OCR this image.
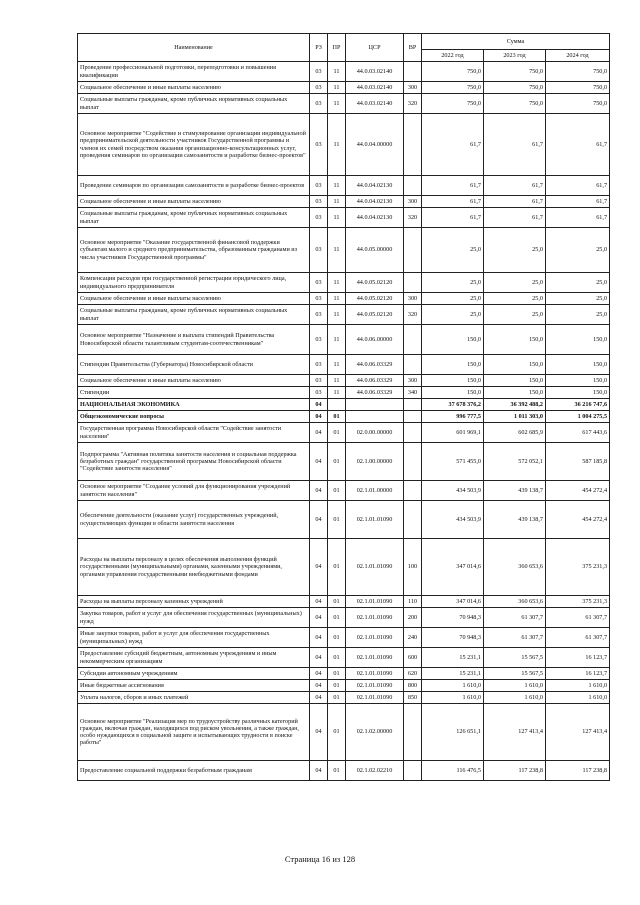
Наименование	РЗ	ПР	ЦСР	ВР	Сумма		
					2022 год	2023 год	2024 год
Проведение профессиональной подготовки, переподготовки и повышения квалификации	03	11	44.0.03.02140		750,0	750,0	750,0
Социальное обеспечение и иные выплаты населению	03	11	44.0.03.02140	300	750,0	750,0	750,0
Социальные выплаты гражданам, кроме публичных нормативных социальных выплат	03	11	44.0.03.02140	320	750,0	750,0	750,0
Основное мероприятие "Содействие и стимулирование организации индивидуальной предпринимательской деятельности участников Государственной программы и членов их семей посредством оказания организационно-консультационных услуг, проведения семинаров по организации самозанятости и разработке бизнес-проектов"	03	11	44.0.04.00000		61,7	61,7	61,7
Проведение семинаров по организации самозанятости и разработке бизнес-проектов	03	11	44.0.04.02130		61,7	61,7	61,7
Социальное обеспечение и иные выплаты населению	03	11	44.0.04.02130	300	61,7	61,7	61,7
Социальные выплаты гражданам, кроме публичных нормативных социальных выплат	03	11	44.0.04.02130	320	61,7	61,7	61,7
Основное мероприятие "Оказание государственной финансовой поддержки субъектам малого и среднего предпринимательства, образованным гражданами из числа участников Государственной программы"	03	11	44.0.05.00000		25,0	25,0	25,0
Компенсация расходов при государственной регистрации юридического лица, индивидуального предпринимателя	03	11	44.0.05.02120		25,0	25,0	25,0
Социальное обеспечение и иные выплаты населению	03	11	44.0.05.02120	300	25,0	25,0	25,0
Социальные выплаты гражданам, кроме публичных нормативных социальных выплат	03	11	44.0.05.02120	320	25,0	25,0	25,0
Основное мероприятие "Назначение и выплата стипендий Правительства Новосибирской области талантливым студентам-соотечественникам"	03	11	44.0.06.00000		150,0	150,0	150,0
Стипендии Правительства (Губернатора) Новосибирской области	03	11	44.0.06.03329		150,0	150,0	150,0
Социальное обеспечение и иные выплаты населению	03	11	44.0.06.03329	300	150,0	150,0	150,0
Стипендии	03	11	44.0.06.03329	340	150,0	150,0	150,0
НАЦИОНАЛЬНАЯ ЭКОНОМИКА	04				37 678 376,2	36 392 488,2	36 216 747,6
Общеэкономические вопросы	04	01			996 777,5	1 011 303,0	1 004 275,5
Государственная программа Новосибирской области "Содействие занятости населения"	04	01	02.0.00.00000		601 969,1	602 685,9	617 443,6
Подпрограмма "Активная политика занятости населения и социальная поддержка безработных граждан" государственной программы Новосибирской области "Содействие занятости населения"	04	01	02.1.00.00000		571 455,0	572 052,1	587 185,8
Основное мероприятие "Создание условий для функционирования учреждений занятости населения"	04	01	02.1.01.00000		434 503,9	439 138,7	454 272,4
Обеспечение деятельности (оказание услуг) государственных учреждений, осуществляющих функции в области занятости населения	04	01	02.1.01.01090		434 503,9	439 138,7	454 272,4
Расходы на выплаты персоналу в целях обеспечения выполнения функций государственными (муниципальными) органами, казенными учреждениями, органами управления государственными внебюджетными фондами	04	01	02.1.01.01090	100	347 014,6	360 653,6	375 231,3
Расходы на выплаты персоналу казенных учреждений	04	01	02.1.01.01090	110	347 014,6	360 653,6	375 231,3
Закупка товаров, работ и услуг для обеспечения государственных (муниципальных) нужд	04	01	02.1.01.01090	200	70 948,3	61 307,7	61 307,7
Иные закупки товаров, работ и услуг для обеспечения государственных (муниципальных) нужд	04	01	02.1.01.01090	240	70 948,3	61 307,7	61 307,7
Предоставление субсидий бюджетным, автономным учреждениям и иным некоммерческим организациям	04	01	02.1.01.01090	600	15 231,1	15 567,5	16 123,7
Субсидии автономным учреждениям	04	01	02.1.01.01090	620	15 231,1	15 567,5	16 123,7
Иные бюджетные ассигнования	04	01	02.1.01.01090	800	1 610,0	1 610,0	1 610,0
Уплата налогов, сборов и иных платежей	04	01	02.1.01.01090	850	1 610,0	1 610,0	1 610,0
Основное мероприятие "Реализация мер по трудоустройству различных категорий граждан, включая граждан, находящихся под риском увольнения, а также граждан, особо нуждающихся в социальной защите и испытывающих трудности в поиске работы"	04	01	02.1.02.00000		126 651,1	127 413,4	127 413,4
Предоставление социальной поддержки безработным гражданам	04	01	02.1.02.02210		116 476,5	117 238,8	117 238,8
Страница 16 из 128
